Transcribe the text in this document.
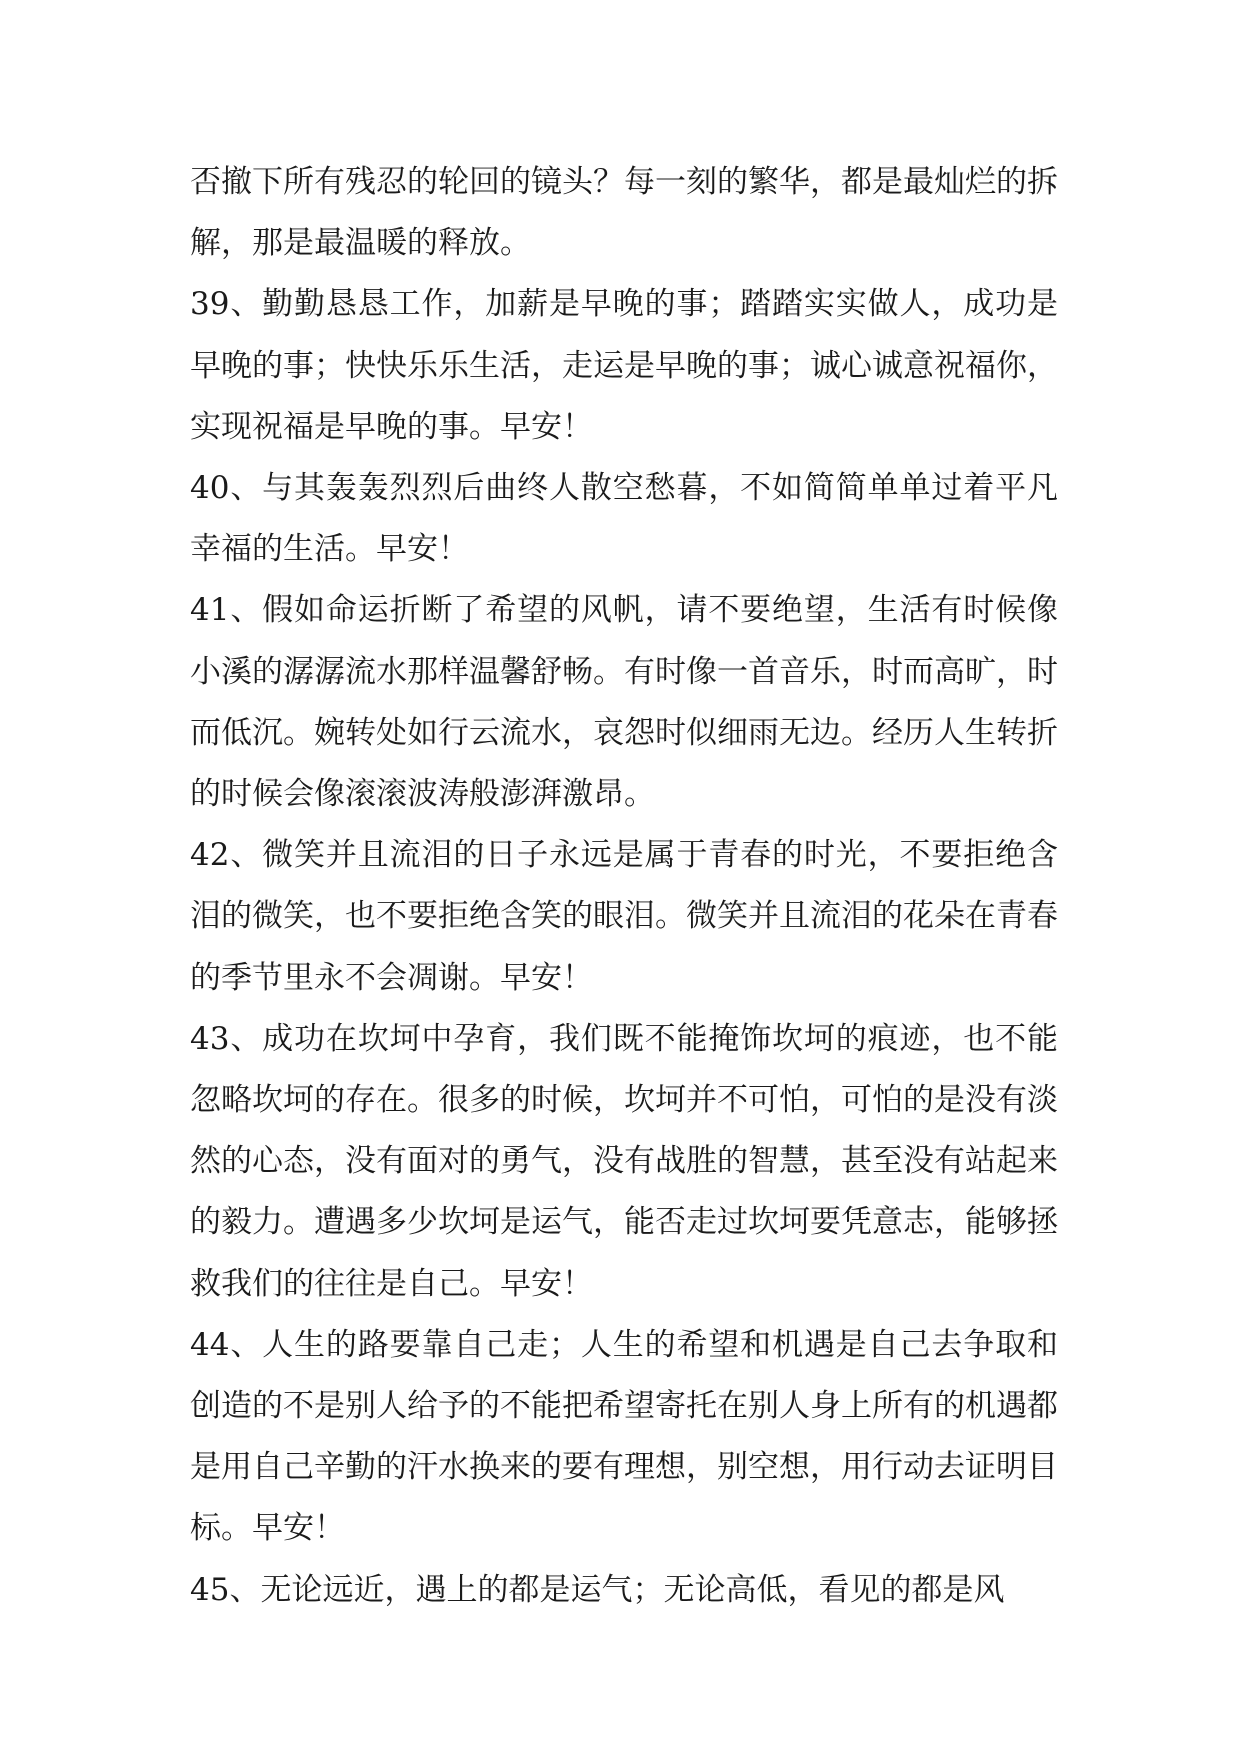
否撤下所有残忍的轮回的镜头？每一刻的繁华，都是最灿烂的拆解，那是最温暖的释放。

39、勤勤恳恳工作，加薪是早晚的事；踏踏实实做人，成功是早晚的事；快快乐乐生活，走运是早晚的事；诚心诚意祝福你，实现祝福是早晚的事。早安！

40、与其轰轰烈烈后曲终人散空愁暮，不如简简单单过着平凡幸福的生活。早安！

41、假如命运折断了希望的风帆，请不要绝望，生活有时候像小溪的潺潺流水那样温馨舒畅。有时像一首音乐，时而高旷，时而低沉。婉转处如行云流水，哀怨时似细雨无边。经历人生转折的时候会像滚滚波涛般澎湃激昂。

42、微笑并且流泪的日子永远是属于青春的时光，不要拒绝含泪的微笑，也不要拒绝含笑的眼泪。微笑并且流泪的花朵在青春的季节里永不会凋谢。早安！

43、成功在坎坷中孕育，我们既不能掩饰坎坷的痕迹，也不能忽略坎坷的存在。很多的时候，坎坷并不可怕，可怕的是没有淡然的心态，没有面对的勇气，没有战胜的智慧，甚至没有站起来的毅力。遭遇多少坎坷是运气，能否走过坎坷要凭意志，能够拯救我们的往往是自己。早安！

44、人生的路要靠自己走；人生的希望和机遇是自己去争取和创造的不是别人给予的不能把希望寄托在别人身上所有的机遇都是用自己辛勤的汗水换来的要有理想，别空想，用行动去证明目标。早安！

45、无论远近，遇上的都是运气；无论高低，看见的都是风
